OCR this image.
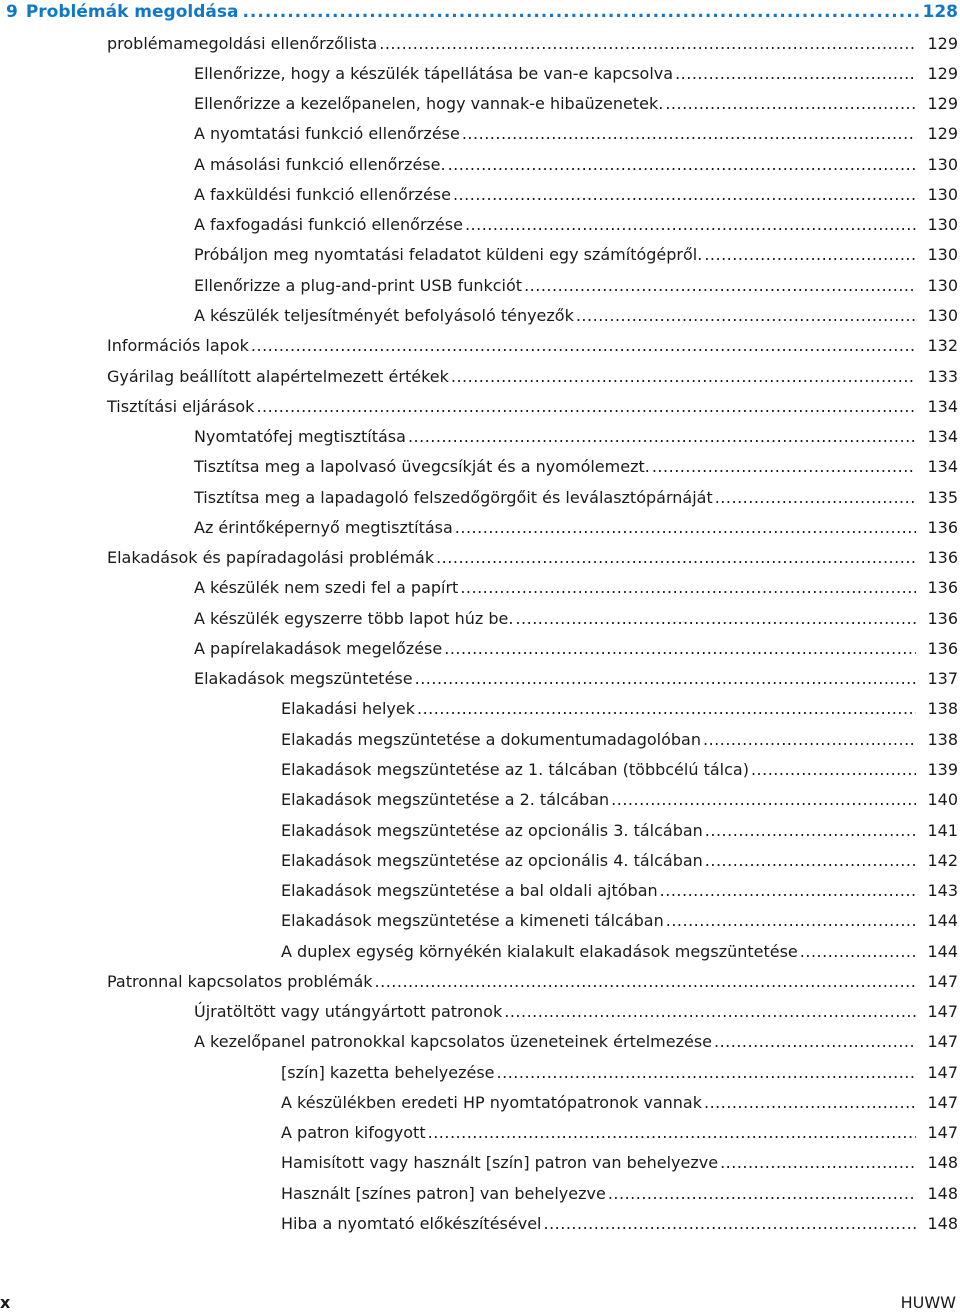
9 Problémák megoldása .....	128
problémamegoldási ellenőrzőlista .....	129
Ellenőrizze, hogy a készülék tápellátása be van-e kapcsolva .....	129
Ellenőrizze a kezelőpanelen, hogy vannak-e hibaüzenetek. .....	129
A nyomtatási funkció ellenőrzése .....	129
A másolási funkció ellenőrzése. .....	130
A faxküldési funkció ellenőrzése .....	130
A faxfogadási funkció ellenőrzése .....	130
Próbáljon meg nyomtatási feladatot küldeni egy számítógépről. .....	130
Ellenőrizze a plug-and-print USB funkciót .....	130
A készülék teljesítményét befolyásoló tényezők .....	130
Információs lapok .....	132
Gyárilag beállított alapértelmezett értékek .....	133
Tisztítási eljárások .....	134
Nyomtatófej megtisztítása .....	134
Tisztítsa meg a lapolvasó üvegcsíkját és a nyomólemezt. .....	134
Tisztítsa meg a lapadagoló felszedőgörgőit és leválasztópárnáját .....	135
Az érintőképernyő megtisztítása .....	136
Elakadások és papíradagolási problémák .....	136
A készülék nem szedi fel a papírt .....	136
A készülék egyszerre több lapot húz be. .....	136
A papírelakadások megelőzése .....	136
Elakadások megszüntetése .....	137
Elakadási helyek .....	138
Elakadás megszüntetése a dokumentumadagolóban .....	138
Elakadások megszüntetése az 1. tálcában (többcélú tálca) .....	139
Elakadások megszüntetése a 2. tálcában .....	140
Elakadások megszüntetése az opcionális 3. tálcában .....	141
Elakadások megszüntetése az opcionális 4. tálcában .....	142
Elakadások megszüntetése a bal oldali ajtóban .....	143
Elakadások megszüntetése a kimeneti tálcában .....	144
A duplex egység környékén kialakult elakadások megszüntetése .....	144
Patronnal kapcsolatos problémák .....	147
Újratöltött vagy utángyártott patronok .....	147
A kezelőpanel patronokkal kapcsolatos üzeneteinek értelmezése .....	147
[szín] kazetta behelyezése .....	147
A készülékben eredeti HP nyomtatópatronok vannak .....	147
A patron kifogyott .....	147
Hamisított vagy használt [szín] patron van behelyezve .....	148
Használt [színes patron] van behelyezve .....	148
Hiba a nyomtató előkészítésével .....	148
x	HUWW
